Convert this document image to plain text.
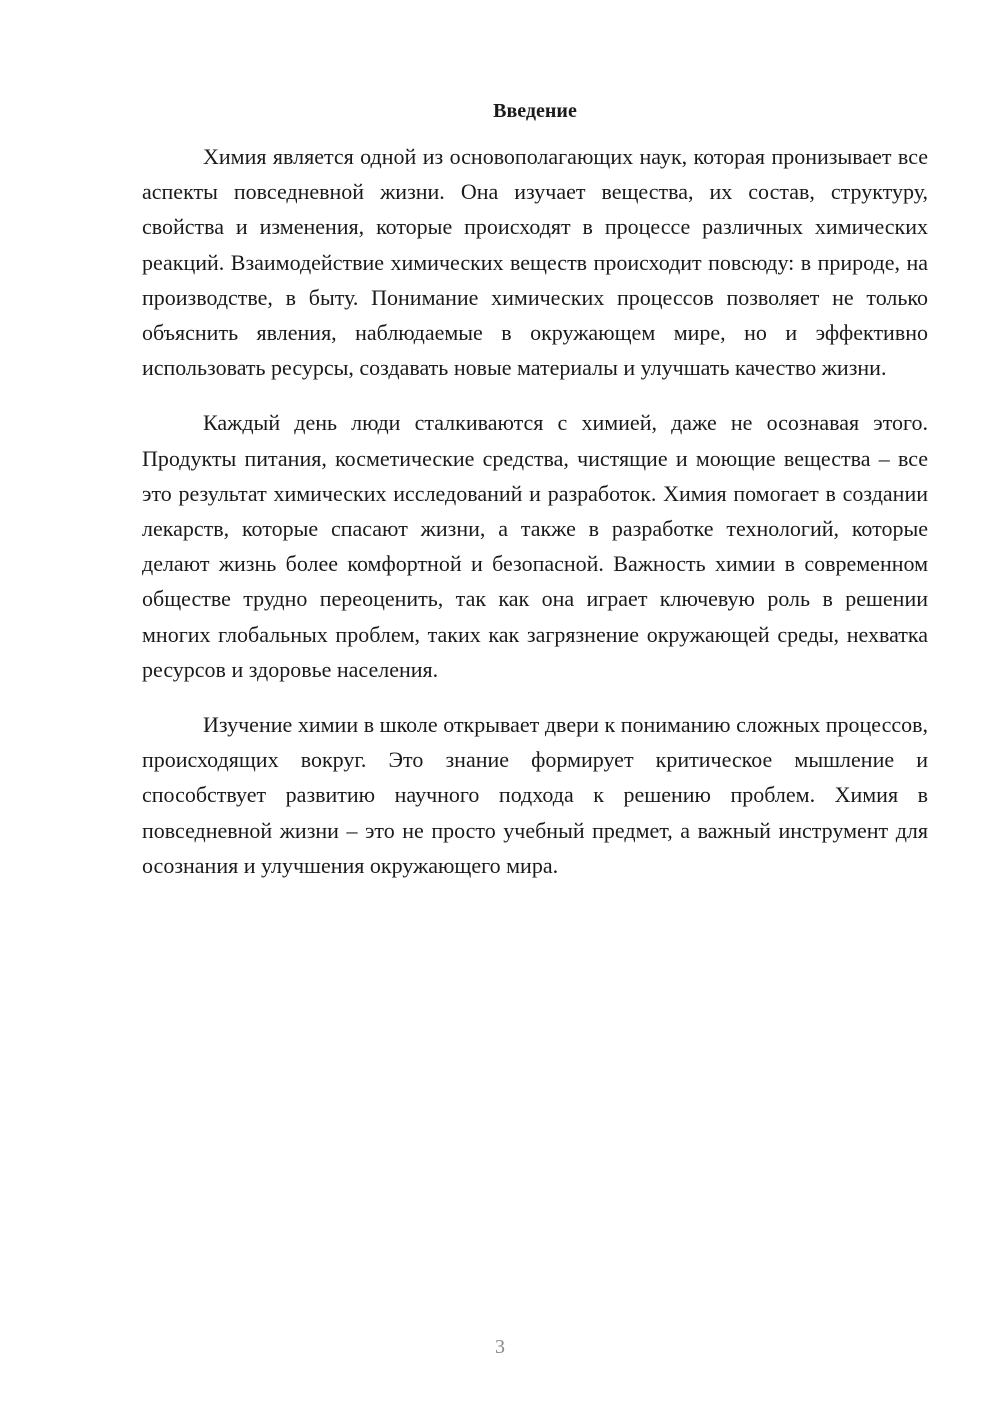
Введение

Химия является одной из основополагающих наук, которая пронизывает все аспекты повседневной жизни. Она изучает вещества, их состав, структуру, свойства и изменения, которые происходят в процессе различных химических реакций. Взаимодействие химических веществ происходит повсюду: в природе, на производстве, в быту. Понимание химических процессов позволяет не только объяснить явления, наблюдаемые в окружающем мире, но и эффективно использовать ресурсы, создавать новые материалы и улучшать качество жизни.

Каждый день люди сталкиваются с химией, даже не осознавая этого. Продукты питания, косметические средства, чистящие и моющие вещества – все это результат химических исследований и разработок. Химия помогает в создании лекарств, которые спасают жизни, а также в разработке технологий, которые делают жизнь более комфортной и безопасной. Важность химии в современном обществе трудно переоценить, так как она играет ключевую роль в решении многих глобальных проблем, таких как загрязнение окружающей среды, нехватка ресурсов и здоровье населения.

Изучение химии в школе открывает двери к пониманию сложных процессов, происходящих вокруг. Это знание формирует критическое мышление и способствует развитию научного подхода к решению проблем. Химия в повседневной жизни – это не просто учебный предмет, а важный инструмент для осознания и улучшения окружающего мира.

3
